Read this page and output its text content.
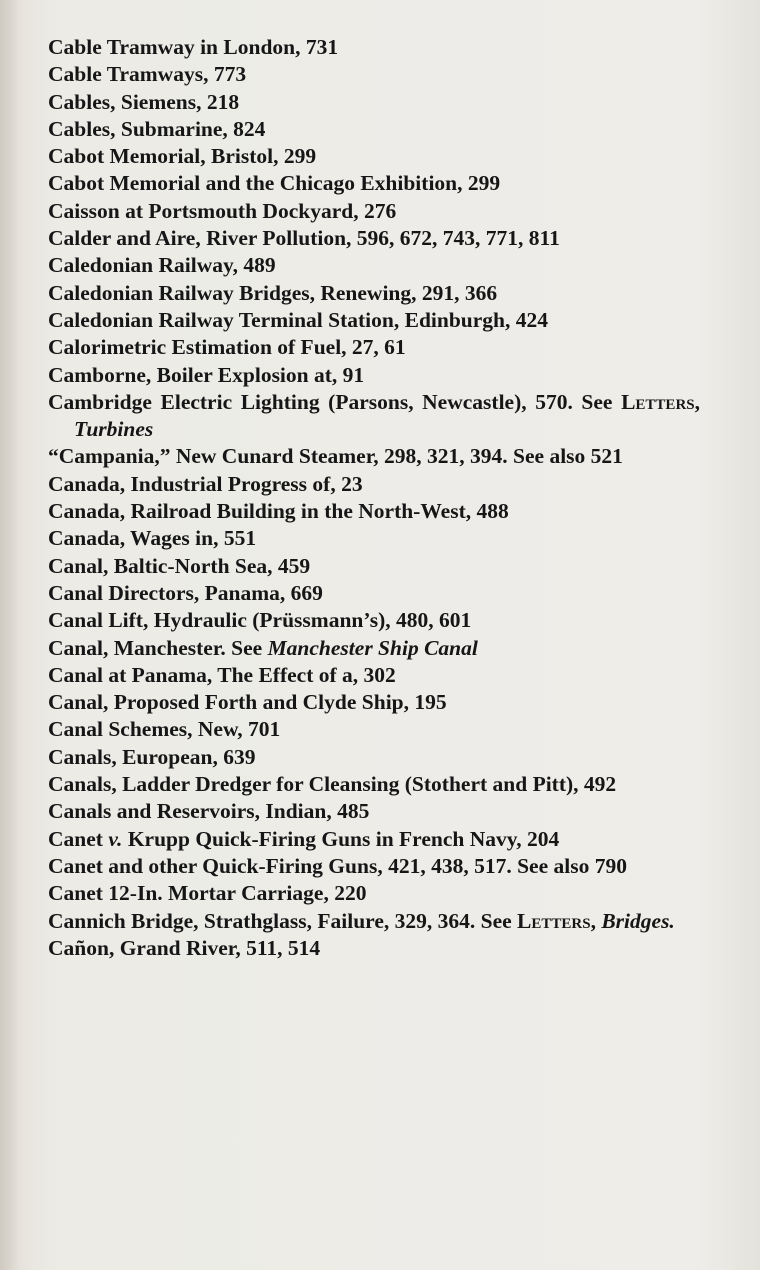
Cable Tramway in London, 731
Cable Tramways, 773
Cables, Siemens, 218
Cables, Submarine, 824
Cabot Memorial, Bristol, 299
Cabot Memorial and the Chicago Exhibition, 299
Caisson at Portsmouth Dockyard, 276
Calder and Aire, River Pollution, 596, 672, 743, 771, 811
Caledonian Railway, 489
Caledonian Railway Bridges, Renewing, 291, 366
Caledonian Railway Terminal Station, Edinburgh, 424
Calorimetric Estimation of Fuel, 27, 61
Camborne, Boiler Explosion at, 91
Cambridge Electric Lighting (Parsons, Newcastle), 570. See Letters, Turbines
“Campania,” New Cunard Steamer, 298, 321, 394. See also 521
Canada, Industrial Progress of, 23
Canada, Railroad Building in the North-West, 488
Canada, Wages in, 551
Canal, Baltic-North Sea, 459
Canal Directors, Panama, 669
Canal Lift, Hydraulic (Prüssmann’s), 480, 601
Canal, Manchester. See Manchester Ship Canal
Canal at Panama, The Effect of a, 302
Canal, Proposed Forth and Clyde Ship, 195
Canal Schemes, New, 701
Canals, European, 639
Canals, Ladder Dredger for Cleansing (Stothert and Pitt), 492
Canals and Reservoirs, Indian, 485
Canet v. Krupp Quick-Firing Guns in French Navy, 204
Canet and other Quick-Firing Guns, 421, 438, 517. See also 790
Canet 12-In. Mortar Carriage, 220
Cannich Bridge, Strathglass, Failure, 329, 364. See Letters, Bridges.
Cañon, Grand River, 511, 514
